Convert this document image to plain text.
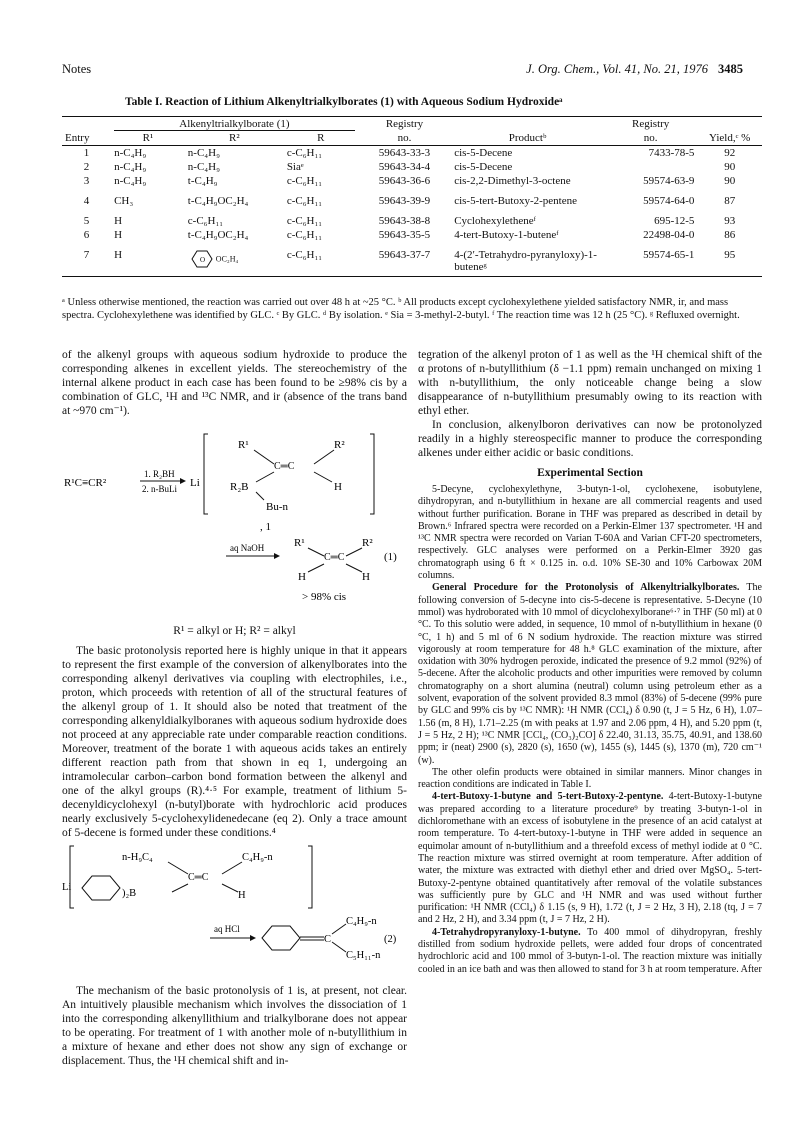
Notes	J. Org. Chem., Vol. 41, No. 21, 1976 3485
Table I. Reaction of Lithium Alkenyltrialkylborates (1) with Aqueous Sodium Hydroxideᵃ

	Alkenyltrialkylborate (1)			Registry		Registry	
Entry	R¹	R²	R	no.	Productᵇ	no.	Yield,ᶜ %
1	n-C₄H₉	n-C₄H₉	c-C₆H₁₁	59643-33-3	cis-5-Decene	7433-78-5	92
2	n-C₄H₉	n-C₄H₉	Siaᵉ	59643-34-4	cis-5-Decene		90
3	n-C₄H₉	t-C₄H₉	c-C₆H₁₁	59643-36-6	cis-2,2-Dimethyl-3-octene	59574-63-9	90

4	CH₃	t-C₄H₉OC₂H₄	c-C₆H₁₁	59643-39-9	cis-5-tert-Butoxy-2-pentene	59574-64-0	87

5	H	c-C₆H₁₁	c-C₆H₁₁	59643-38-8	Cyclohexyletheneᶠ	695-12-5	93
6	H	t-C₄H₉OC₂H₄	c-C₆H₁₁	59643-35-5	4-tert-Butoxy-1-buteneᶠ	22498-04-0	86

7	H	O OC₂H₄	c-C₆H₁₁	59643-37-7	4-(2′-Tetrahydro-pyranyloxy)-1-buteneᵍ	59574-65-1	95
ᵃ Unless otherwise mentioned, the reaction was carried out over 48 h at ~25 °C. ᵇ All products except cyclohexylethene yielded satisfactory NMR, ir, and mass spectra. Cyclohexylethene was identified by GLC. ᶜ By GLC. ᵈ By isolation. ᵉ Sia = 3-methyl-2-butyl. ᶠ The reaction time was 12 h (25 °C). ᵍ Refluxed overnight.

of the alkenyl groups with aqueous sodium hydroxide to produce the corresponding alkenes in excellent yields. The stereochemistry of the internal alkene product in each case has been found to be ≥98% cis by a combination of GLC, ¹H and ¹³C NMR, and ir (absence of the trans band at ~970 cm⁻¹).

R¹C≡CR²
1. R₂BH
2. n-BuLi Li
R¹	R²
C═C
R₂B	H
Bu-n
, 1
aq NaOH	R¹	R²
C═C
H	H
(1)
> 98% cis

R¹ = alkyl or H; R² = alkyl

The basic protonolysis reported here is highly unique in that it appears to represent the first example of the conversion of alkenylborates into the corresponding alkenyl derivatives via coupling with electrophiles, i.e., proton, which proceeds with retention of all of the structural features of the alkenyl group of 1. It should also be noted that treatment of the corresponding alkenyldialkylboranes with aqueous sodium hydroxide does not proceed at any appreciable rate under comparable reaction conditions. Moreover, treatment of the borate 1 with aqueous acids takes an entirely different reaction path from that shown in eq 1, undergoing an intramolecular carbon–carbon bond formation between the alkenyl and one of the alkyl groups (R).⁴·⁵ For example, treatment of lithium 5-decenyldicyclohexyl (n-butyl)borate with hydrochloric acid produces nearly exclusively 5-cyclohexylidenedecane (eq 2). Only a trace amount of 5-decene is formed under these conditions.⁴

n-H₉C₄	C₄H₉-n
C═C
Li
)₂B	H
aq HCl
C
C₄H₉-n
C₅H₁₁-n
(2)

The mechanism of the basic protonolysis of 1 is, at present, not clear. An intuitively plausible mechanism which involves the dissociation of 1 into the corresponding alkenyllithium and trialkylborane does not appear to be operating. For treatment of 1 with another mole of n-butyllithium in a mixture of hexane and ether does not show any sign of exchange or displacement. Thus, the ¹H chemical shift and in-

tegration of the alkenyl proton of 1 as well as the ¹H chemical shift of the α protons of n-butyllithium (δ −1.1 ppm) remain unchanged on mixing 1 with n-butyllithium, the only noticeable change being a slow disappearance of n-butyllithium presumably owing to its reaction with ethyl ether.

In conclusion, alkenylboron derivatives can now be protonolyzed readily in a highly stereospecific manner to produce the corresponding alkenes under either acidic or basic conditions.

Experimental Section

5-Decyne, cyclohexylethyne, 3-butyn-1-ol, cyclohexene, isobutylene, dihydropyran, and n-butyllithium in hexane are all commercial reagents and used without further purification. Borane in THF was prepared as described in detail by Brown.⁶ Infrared spectra were recorded on a Perkin-Elmer 137 spectrometer. ¹H and ¹³C NMR spectra were recorded on Varian T-60A and Varian CFT-20 spectrometers, respectively. GLC analyses were performed on a Perkin-Elmer 3920 gas chromatograph using 6 ft × 0.125 in. o.d. 10% SE-30 and 10% Carbowax 20M columns.

General Procedure for the Protonolysis of Alkenyltrialkylborates. The following conversion of 5-decyne into cis-5-decene is representative. 5-Decyne (10 mmol) was hydroborated with 10 mmol of dicyclohexylborane⁶·⁷ in THF (50 ml) at 0 °C. To this solutio were added, in sequence, 10 mmol of n-butyllithium in hexane (0 °C, 1 h) and 5 ml of 6 N sodium hydroxide. The reaction mixture was stirred vigorously at room temperature for 48 h.⁸ GLC examination of the mixture, after oxidation with 30% hydrogen peroxide, indicated the presence of 9.2 mmol (92%) of 5-decene. After the alcoholic products and other impurities were removed by column chromatography on a short alumina (neutral) column using petroleum ether as a solvent, evaporation of the solvent provided 8.3 mmol (83%) of 5-decene (99% pure by GLC and 99% cis by ¹³C NMR): ¹H NMR (CCl₄) δ 0.90 (t, J = 5 Hz, 6 H), 1.07–1.56 (m, 8 H), 1.71–2.25 (m with peaks at 1.97 and 2.06 ppm, 4 H), and 5.20 ppm (t, J = 5 Hz, 2 H); ¹³C NMR [CCl₄, (CO₃)₂CO] δ 22.40, 31.13, 35.75, 40.91, and 138.60 ppm; ir (neat) 2900 (s), 2820 (s), 1650 (w), 1455 (s), 1445 (s), 1370 (m), 720 cm⁻¹ (w).

The other olefin products were obtained in similar manners. Minor changes in reaction conditions are indicated in Table I.

4-tert-Butoxy-1-butyne and 5-tert-Butoxy-2-pentyne. 4-tert-Butoxy-1-butyne was prepared according to a literature procedure⁹ by treating 3-butyn-1-ol in dichloromethane with an excess of isobutylene in the presence of an acid catalyst at room temperature. To 4-tert-butoxy-1-butyne in THF were added in sequence an equimolar amount of n-butyllithium and a threefold excess of methyl iodide at 0 °C. The reaction mixture was stirred overnight at room temperature. After addition of water, the mixture was extracted with diethyl ether and dried over MgSO₄. 5-tert-Butoxy-2-pentyne obtained quantitatively after removal of the volatile substances was sufficiently pure by GLC and ¹H NMR and was used without further purification: ¹H NMR (CCl₄) δ 1.15 (s, 9 H), 1.72 (t, J = 2 Hz, 3 H), 2.18 (tq, J = 7 and 2 Hz, 2 H), and 3.34 ppm (t, J = 7 Hz, 2 H).

4-Tetrahydropyranyloxy-1-butyne. To 400 mmol of dihydropyran, freshly distilled from sodium hydroxide pellets, were added four drops of concentrated hydrochloric acid and 100 mmol of 3-butyn-1-ol. The reaction mixture was initially cooled in an ice bath and was then allowed to stand for 3 h at room temperature. After
